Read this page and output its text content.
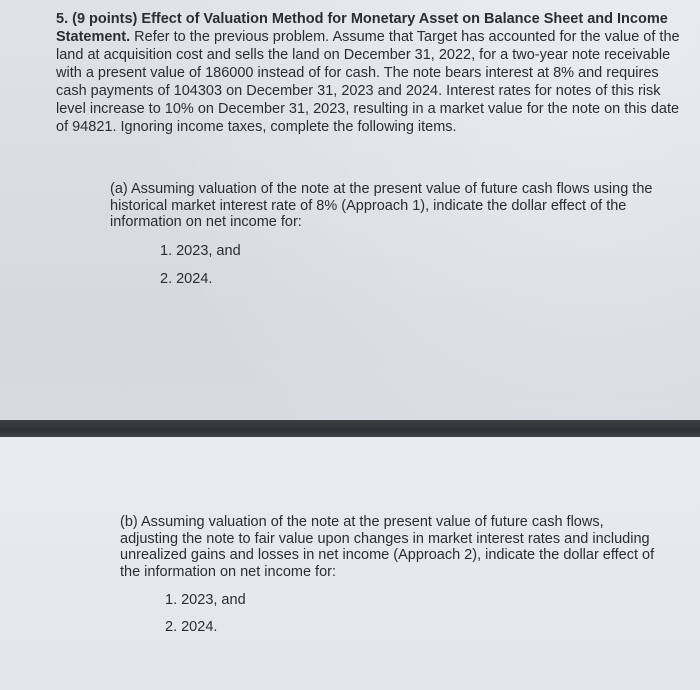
5. (9 points) Effect of Valuation Method for Monetary Asset on Balance Sheet and Income Statement. Refer to the previous problem. Assume that Target has accounted for the value of the land at acquisition cost and sells the land on December 31, 2022, for a two-year note receivable with a present value of 186000 instead of for cash. The note bears interest at 8% and requires cash payments of 104303 on December 31, 2023 and 2024. Interest rates for notes of this risk level increase to 10% on December 31, 2023, resulting in a market value for the note on this date of 94821. Ignoring income taxes, complete the following items.
(a) Assuming valuation of the note at the present value of future cash flows using the historical market interest rate of 8% (Approach 1), indicate the dollar effect of the information on net income for:
1. 2023, and
2. 2024.
(b) Assuming valuation of the note at the present value of future cash flows, adjusting the note to fair value upon changes in market interest rates and including unrealized gains and losses in net income (Approach 2), indicate the dollar effect of the information on net income for:
1. 2023, and
2. 2024.
